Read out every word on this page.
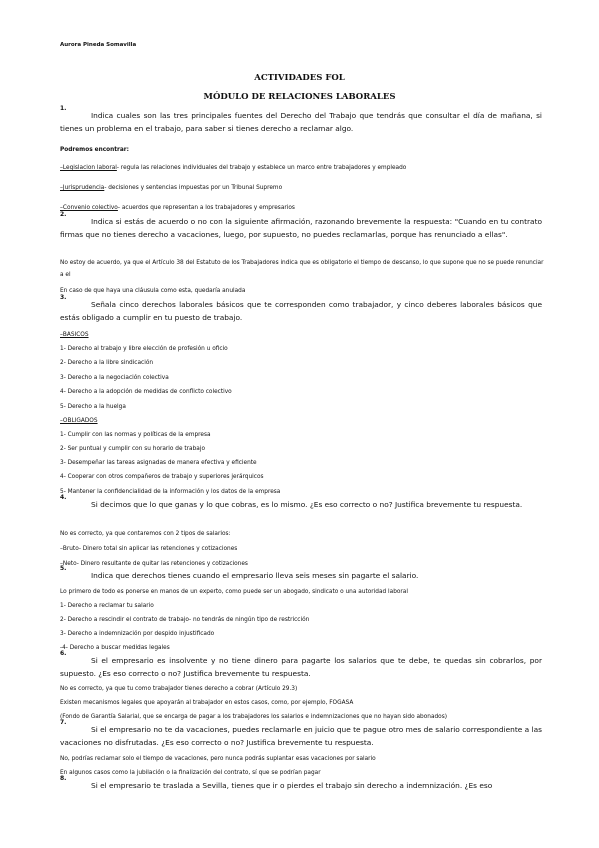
Aurora Pineda Somavilla
ACTIVIDADES FOL
MÓDULO DE RELACIONES LABORALES
1.
Indica cuales son las tres principales fuentes del Derecho del Trabajo que tendrás que consultar el día de mañana, si tienes un problema en el trabajo, para saber si tienes derecho a reclamar algo.
Podremos encontrar:
–Legislacion laboral- regula las relaciones individuales del trabajo y establece un marco entre trabajadores y empleado
–Jurisprudencia- decisiones y sentencias impuestas por un Tribunal Supremo
–Convenio colectivo- acuerdos que representan a los trabajadores y empresarios
2.
Indica si estás de acuerdo o no con la siguiente afirmación, razonando brevemente la respuesta: "Cuando en tu contrato firmas que no tienes derecho a vacaciones, luego, por supuesto, no puedes reclamarlas, porque has renunciado a ellas".
No estoy de acuerdo, ya que el Artículo 38 del Estatuto de los Trabajadores indica que es obligatorio el tiempo de descanso, lo que supone que no se puede renunciar a el
En caso de que haya una cláusula como esta, quedaría anulada
3.
Señala cinco derechos laborales básicos que te corresponden como trabajador, y cinco deberes laborales básicos que estás obligado a cumplir en tu puesto de trabajo.
–BASICOS
1- Derecho al trabajo y libre elección de profesión u oficio
2- Derecho a la libre sindicación
3- Derecho a la negociación colectiva
4- Derecho a la adopción de medidas de conflicto colectivo
5- Derecho a la huelga
–OBLIGADOS
1- Cumplir con las normas y políticas de la empresa
2- Ser puntual y cumplir con su horario de trabajo
3- Desempeñar las tareas asignadas de manera efectiva y eficiente
4- Cooperar con otros compañeros de trabajo y superiores jerárquicos
5- Mantener la confidencialidad de la información y los datos de la empresa
4.
Si decimos que lo que ganas y lo que cobras, es lo mismo. ¿Es eso correcto o no? Justifica brevemente tu respuesta.
No es correcto, ya que contaremos con 2 tipos de salarios:
–Bruto- Dinero total sin aplicar las retenciones y cotizaciones
–Neto- Dinero resultante de quitar las retenciones y cotizaciones
5.
Indica que derechos tienes cuando el empresario lleva seis meses sin pagarte el salario.
Lo primero de todo es ponerse en manos de un experto, como puede ser un abogado, sindicato o una autoridad laboral
1- Derecho a reclamar tu salario
2- Derecho a rescindir el contrato de trabajo- no tendrás de ningún tipo de restricción
3- Derecho a indemnización por despido injustificado
-4- Derecho a buscar medidas legales
6.
Si el empresario es insolvente y no tiene dinero para pagarte los salarios que te debe, te quedas sin cobrarlos, por supuesto. ¿Es eso correcto o no? Justifica brevemente tu respuesta.
No es correcto, ya que tu como trabajador tienes derecho a cobrar (Artículo 29.3)
Existen mecanismos legales que apoyarán al trabajador en estos casos, como, por ejemplo, FOGASA
(Fondo de Garantía Salarial, que se encarga de pagar a los trabajadores los salarios e indemnizaciones que no hayan sido abonados)
7.
Si el empresario no te da vacaciones, puedes reclamarle en juicio que te pague otro mes de salario correspondiente a las vacaciones no disfrutadas. ¿Es eso correcto o no? Justifica brevemente tu respuesta.
No, podrías reclamar solo el tiempo de vacaciones, pero nunca podrás suplantar esas vacaciones por salario
En algunos casos como la jubilación o la finalización del contrato, sí que se podrían pagar
8.
Si el empresario te traslada a Sevilla, tienes que ir o pierdes el trabajo sin derecho a indemnización. ¿Es eso
